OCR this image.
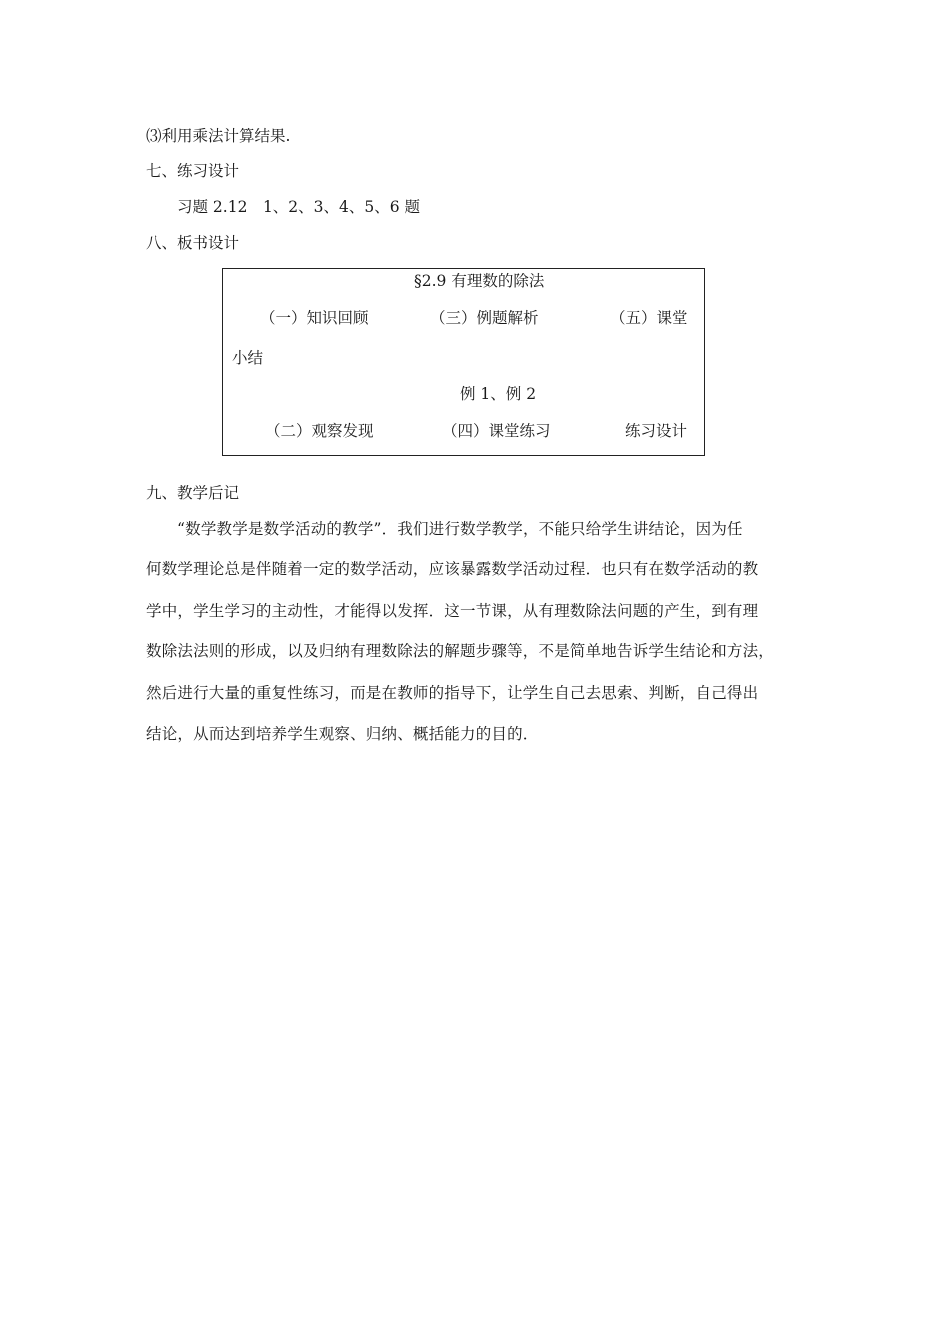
⑶利用乘法计算结果.
七、练习设计
习题 2.12　1、2、3、4、5、6 题
八、板书设计
§2.9 有理数的除法
（一）知识回顾	（三）例题解析	（五）课堂
小结
例 1、例 2
（二）观察发现	（四）课堂练习	练习设计
九、教学后记
“数学教学是数学活动的教学”．我们进行数学教学，不能只给学生讲结论，因为任
何数学理论总是伴随着一定的数学活动，应该暴露数学活动过程．也只有在数学活动的教
学中，学生学习的主动性，才能得以发挥．这一节课，从有理数除法问题的产生，到有理
数除法法则的形成，以及归纳有理数除法的解题步骤等，不是简单地告诉学生结论和方法，
然后进行大量的重复性练习，而是在教师的指导下，让学生自己去思索、判断，自己得出
结论，从而达到培养学生观察、归纳、概括能力的目的．
